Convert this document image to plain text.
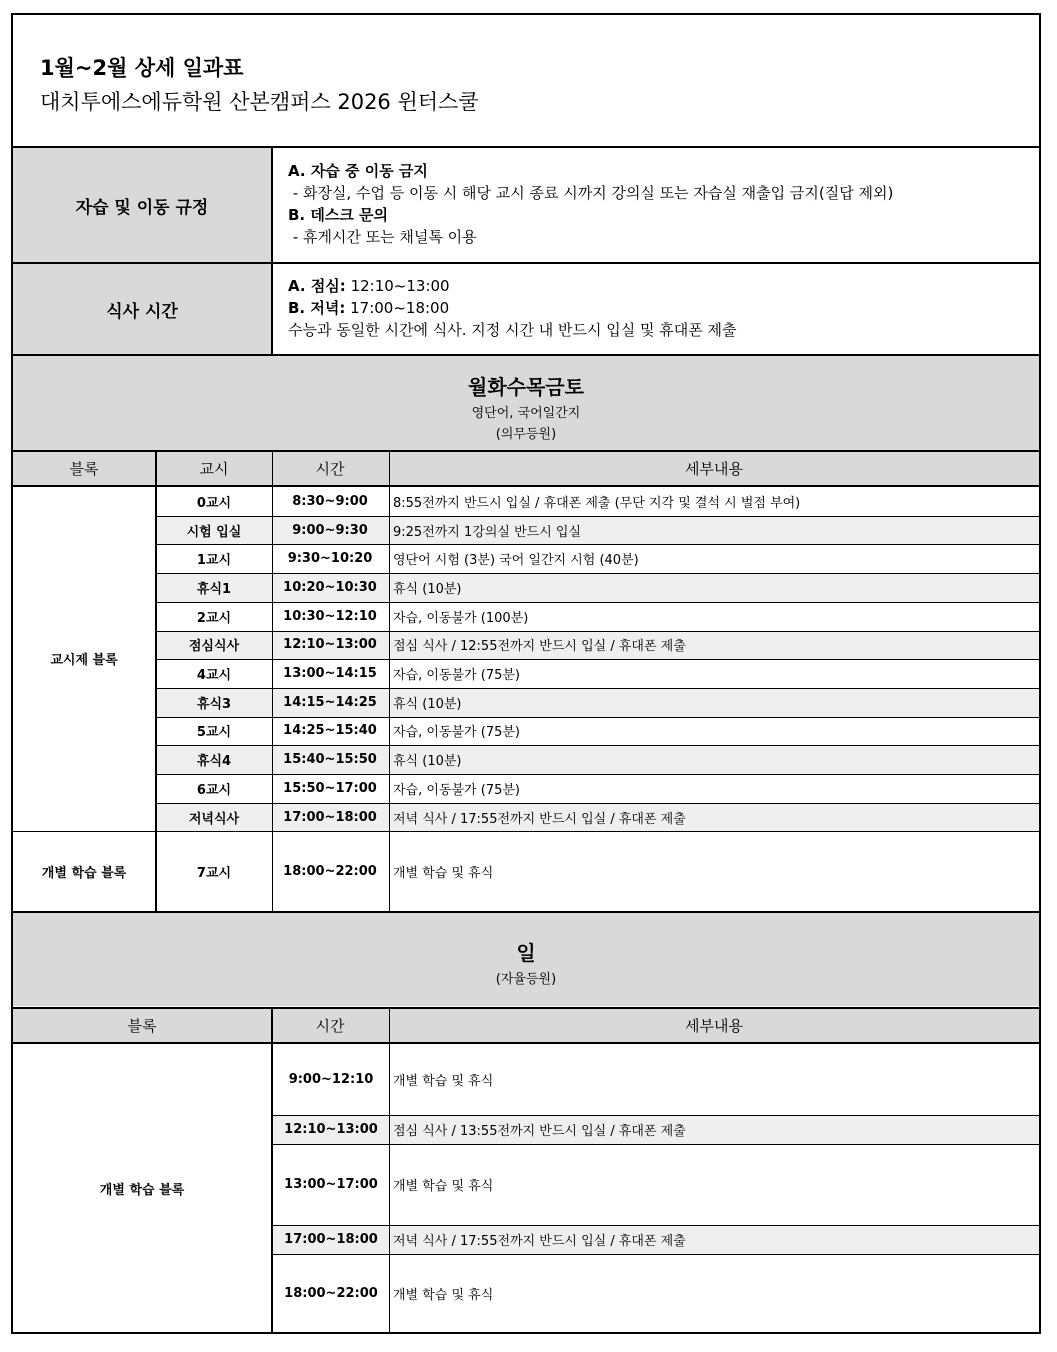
1월~2월 상세 일과표
대치투에스에듀학원 산본캠퍼스 2026 윈터스쿨
자습 및 이동 규정
A. 자습 중 이동 금지
- 화장실, 수업 등 이동 시 해당 교시 종료 시까지 강의실 또는 자습실 재출입 금지(질답 제외)
B. 데스크 문의
- 휴게시간 또는 채널톡 이용
식사 시간
A. 점심: 12:10~13:00
B. 저녁: 17:00~18:00
수능과 동일한 시간에 식사. 지정 시간 내 반드시 입실 및 휴대폰 제출
월화수목금토
영단어, 국어일간지
(의무등원)
블록	교시	시간	세부내용
0교시	8:30~9:00	8:55전까지 반드시 입실 / 휴대폰 제출 (무단 지각 및 결석 시 벌점 부여)
시험 입실	9:00~9:30	9:25전까지 1강의실 반드시 입실
1교시	9:30~10:20	영단어 시험 (3분) 국어 일간지 시험 (40분)
휴식1	10:20~10:30	휴식 (10분)
2교시	10:30~12:10	자습, 이동불가 (100분)
점심식사	12:10~13:00	점심 식사 / 12:55전까지 반드시 입실 / 휴대폰 제출
4교시	13:00~14:15	자습, 이동불가 (75분)
휴식3	14:15~14:25	휴식 (10분)
5교시	14:25~15:40	자습, 이동불가 (75분)
휴식4	15:40~15:50	휴식 (10분)
6교시	15:50~17:00	자습, 이동불가 (75분)
저녁식사	17:00~18:00	저녁 식사 / 17:55전까지 반드시 입실 / 휴대폰 제출
교시제 블록
개별 학습 블록	7교시	18:00~22:00	개별 학습 및 휴식
일
(자율등원)
블록	시간	세부내용
개별 학습 블록
9:00~12:10	개별 학습 및 휴식
12:10~13:00	점심 식사 / 13:55전까지 반드시 입실 / 휴대폰 제출
13:00~17:00	개별 학습 및 휴식
17:00~18:00	저녁 식사 / 17:55전까지 반드시 입실 / 휴대폰 제출
18:00~22:00	개별 학습 및 휴식
